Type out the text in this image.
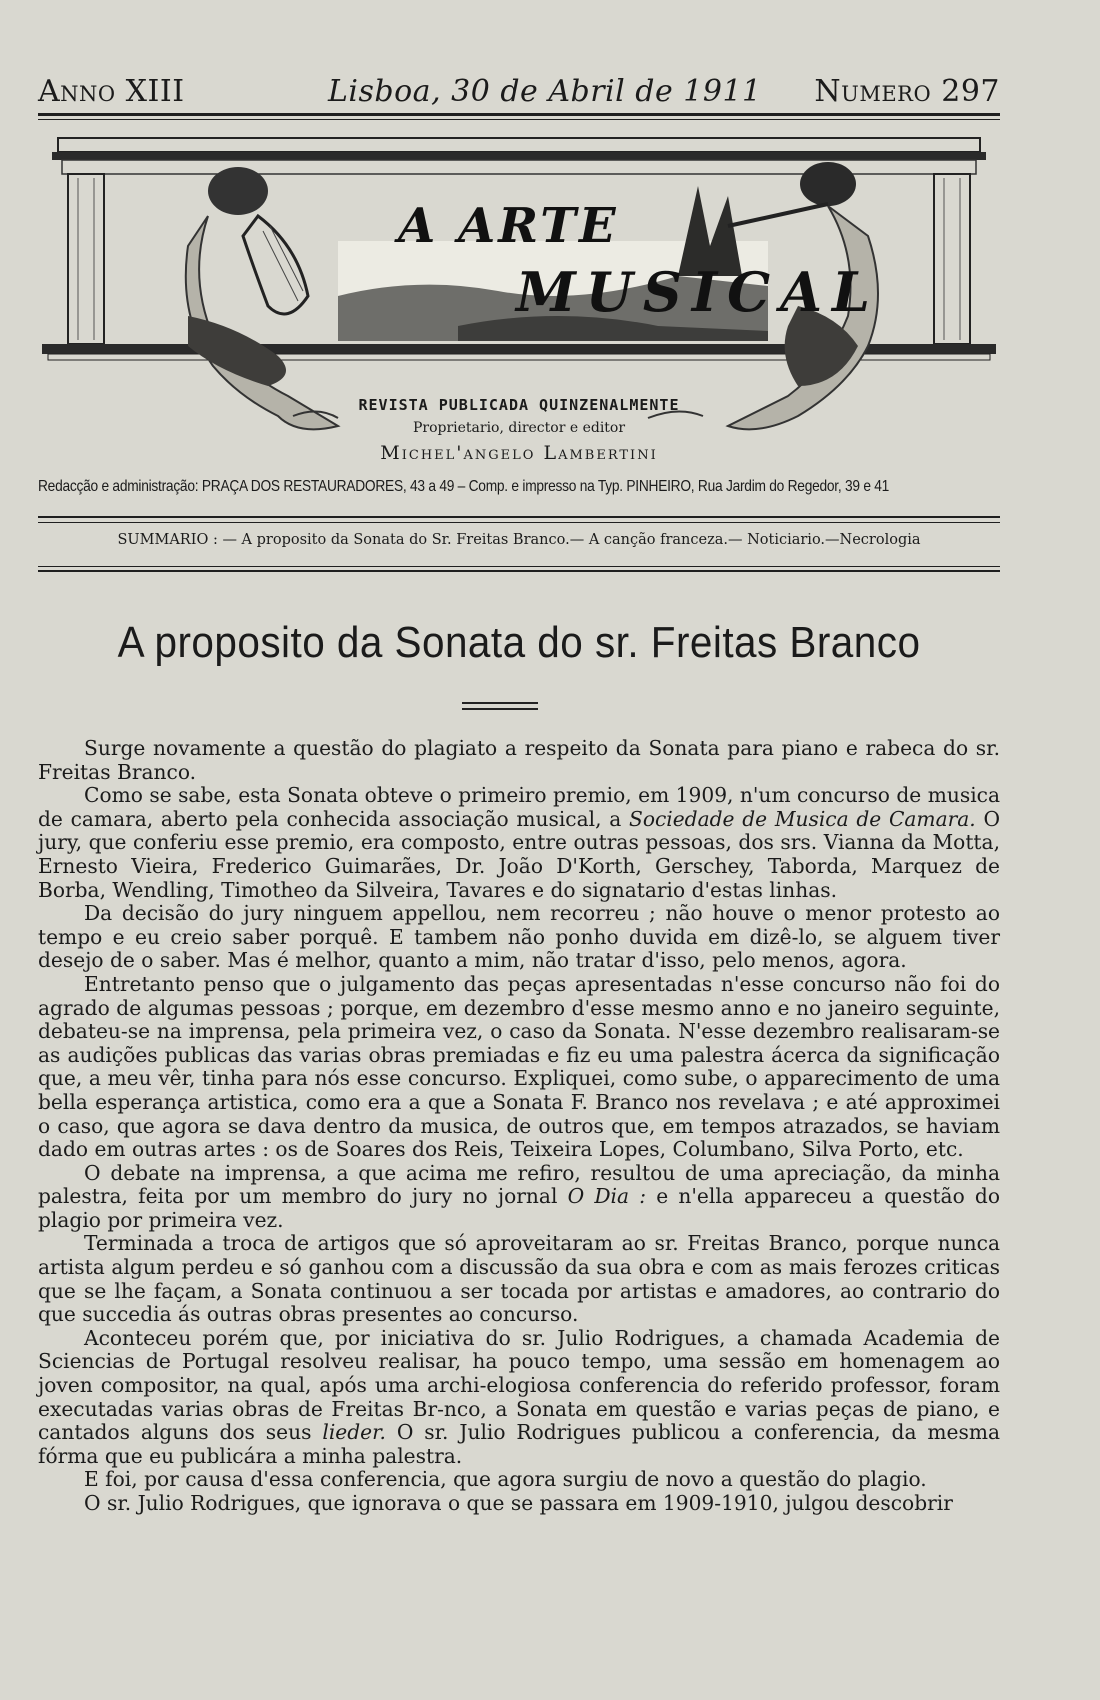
Anno XIII	Lisboa, 30 de Abril de 1911 Numero 297
A ARTE
MUSICAL
REVISTA PUBLICADA QUINZENALMENTE
Proprietario, director e editor
Michel'angelo Lambertini
Redacção e administração: PRAÇA DOS RESTAURADORES, 43 a 49 – Comp. e impresso na Typ. PINHEIRO, Rua Jardim do Regedor, 39 e 41
SUMMARIO : — A proposito da Sonata do Sr. Freitas Branco.— A canção franceza.— Noticiario.—Necrologia
A proposito da Sonata do sr. Freitas Branco

Surge novamente a questão do plagiato a respeito da Sonata para piano e rabeca do sr. Freitas Branco.

Como se sabe, esta Sonata obteve o primeiro premio, em 1909, n'um concurso de musica de camara, aberto pela conhecida associação musical, a Sociedade de Musica de Camara. O jury, que conferiu esse premio, era composto, entre outras pessoas, dos srs. Vianna da Motta, Ernesto Vieira, Frederico Guimarães, Dr. João D'Korth, Gerschey, Taborda, Marquez de Borba, Wendling, Timotheo da Silveira, Tavares e do signatario d'estas linhas.

Da decisão do jury ninguem appellou, nem recorreu ; não houve o menor protesto ao tempo e eu creio saber porquê. E tambem não ponho duvida em dizê-lo, se alguem tiver desejo de o saber. Mas é melhor, quanto a mim, não tratar d'isso, pelo menos, agora.

Entretanto penso que o julgamento das peças apresentadas n'esse concurso não foi do agrado de algumas pessoas ; porque, em dezembro d'esse mesmo anno e no janeiro seguinte, debateu-se na imprensa, pela primeira vez, o caso da Sonata. N'esse dezembro realisaram-se as audições publicas das varias obras premiadas e fiz eu uma palestra ácerca da significação que, a meu vêr, tinha para nós esse concurso. Expliquei, como sube, o apparecimento de uma bella esperança artistica, como era a que a Sonata F. Branco nos revelava ; e até approximei o caso, que agora se dava dentro da musica, de outros que, em tempos atrazados, se haviam dado em outras artes : os de Soares dos Reis, Teixeira Lopes, Columbano, Silva Porto, etc.

O debate na imprensa, a que acima me refiro, resultou de uma apreciação, da minha palestra, feita por um membro do jury no jornal O Dia : e n'ella appareceu a questão do plagio por primeira vez.

Terminada a troca de artigos que só aproveitaram ao sr. Freitas Branco, porque nunca artista algum perdeu e só ganhou com a discussão da sua obra e com as mais ferozes criticas que se lhe façam, a Sonata continuou a ser tocada por artistas e amadores, ao contrario do que succedia ás outras obras presentes ao concurso.

Aconteceu porém que, por iniciativa do sr. Julio Rodrigues, a chamada Academia de Sciencias de Portugal resolveu realisar, ha pouco tempo, uma sessão em homenagem ao joven compositor, na qual, após uma archi-elogiosa conferencia do referido professor, foram executadas varias obras de Freitas Br-nco, a Sonata em questão e varias peças de piano, e cantados alguns dos seus lieder. O sr. Julio Rodrigues publicou a conferencia, da mesma fórma que eu publicára a minha palestra.

E foi, por causa d'essa conferencia, que agora surgiu de novo a questão do plagio.

O sr. Julio Rodrigues, que ignorava o que se passara em 1909-1910, julgou descobrir
